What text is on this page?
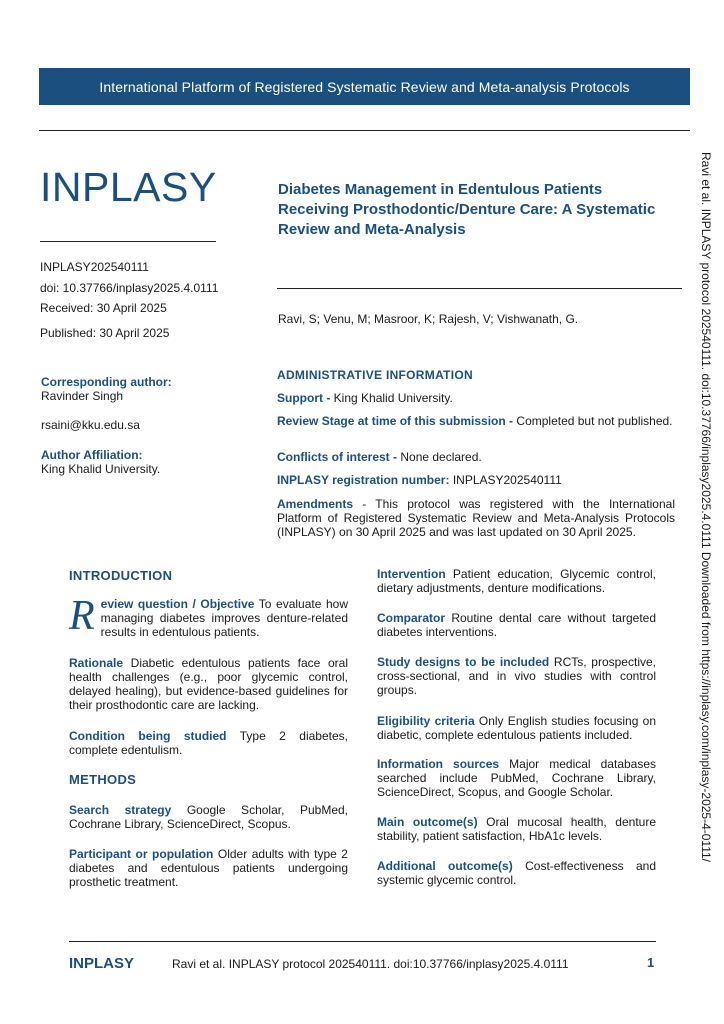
International Platform of Registered Systematic Review and Meta-analysis Protocols
INPLASY
INPLASY202540111
doi: 10.37766/inplasy2025.4.0111
Received: 30 April 2025
Published: 30 April 2025
Corresponding author:
Ravinder Singh
rsaini@kku.edu.sa
Author Affiliation:
King Khalid University.
Diabetes Management in Edentulous Patients Receiving Prosthodontic/Denture Care: A Systematic Review and Meta-Analysis
Ravi, S; Venu, M; Masroor, K; Rajesh, V; Vishwanath, G.
ADMINISTRATIVE INFORMATION
Support - King Khalid University.
Review Stage at time of this submission - Completed but not published.
Conflicts of interest - None declared.
INPLASY registration number: INPLASY202540111
Amendments - This protocol was registered with the International Platform of Registered Systematic Review and Meta-Analysis Protocols (INPLASY) on 30 April 2025 and was last updated on 30 April 2025.
INTRODUCTION
Review question / Objective To evaluate how managing diabetes improves denture-related results in edentulous patients.
Rationale Diabetic edentulous patients face oral health challenges (e.g., poor glycemic control, delayed healing), but evidence-based guidelines for their prosthodontic care are lacking.
Condition being studied Type 2 diabetes, complete edentulism.
METHODS
Search strategy Google Scholar, PubMed, Cochrane Library, ScienceDirect, Scopus.
Participant or population Older adults with type 2 diabetes and edentulous patients undergoing prosthetic treatment.
Intervention Patient education, Glycemic control, dietary adjustments, denture modifications.
Comparator Routine dental care without targeted diabetes interventions.
Study designs to be included RCTs, prospective, cross-sectional, and in vivo studies with control groups.
Eligibility criteria Only English studies focusing on diabetic, complete edentulous patients included.
Information sources Major medical databases searched include PubMed, Cochrane Library, ScienceDirect, Scopus, and Google Scholar.
Main outcome(s) Oral mucosal health, denture stability, patient satisfaction, HbA1c levels.
Additional outcome(s) Cost-effectiveness and systemic glycemic control.
Ravi et al. INPLASY protocol 202540111. doi:10.37766/inplasy2025.4.0111 Downloaded from https://inplasy.com/inplasy-2025-4-0111/
INPLASY	Ravi et al. INPLASY protocol 202540111. doi:10.37766/inplasy2025.4.0111	1
